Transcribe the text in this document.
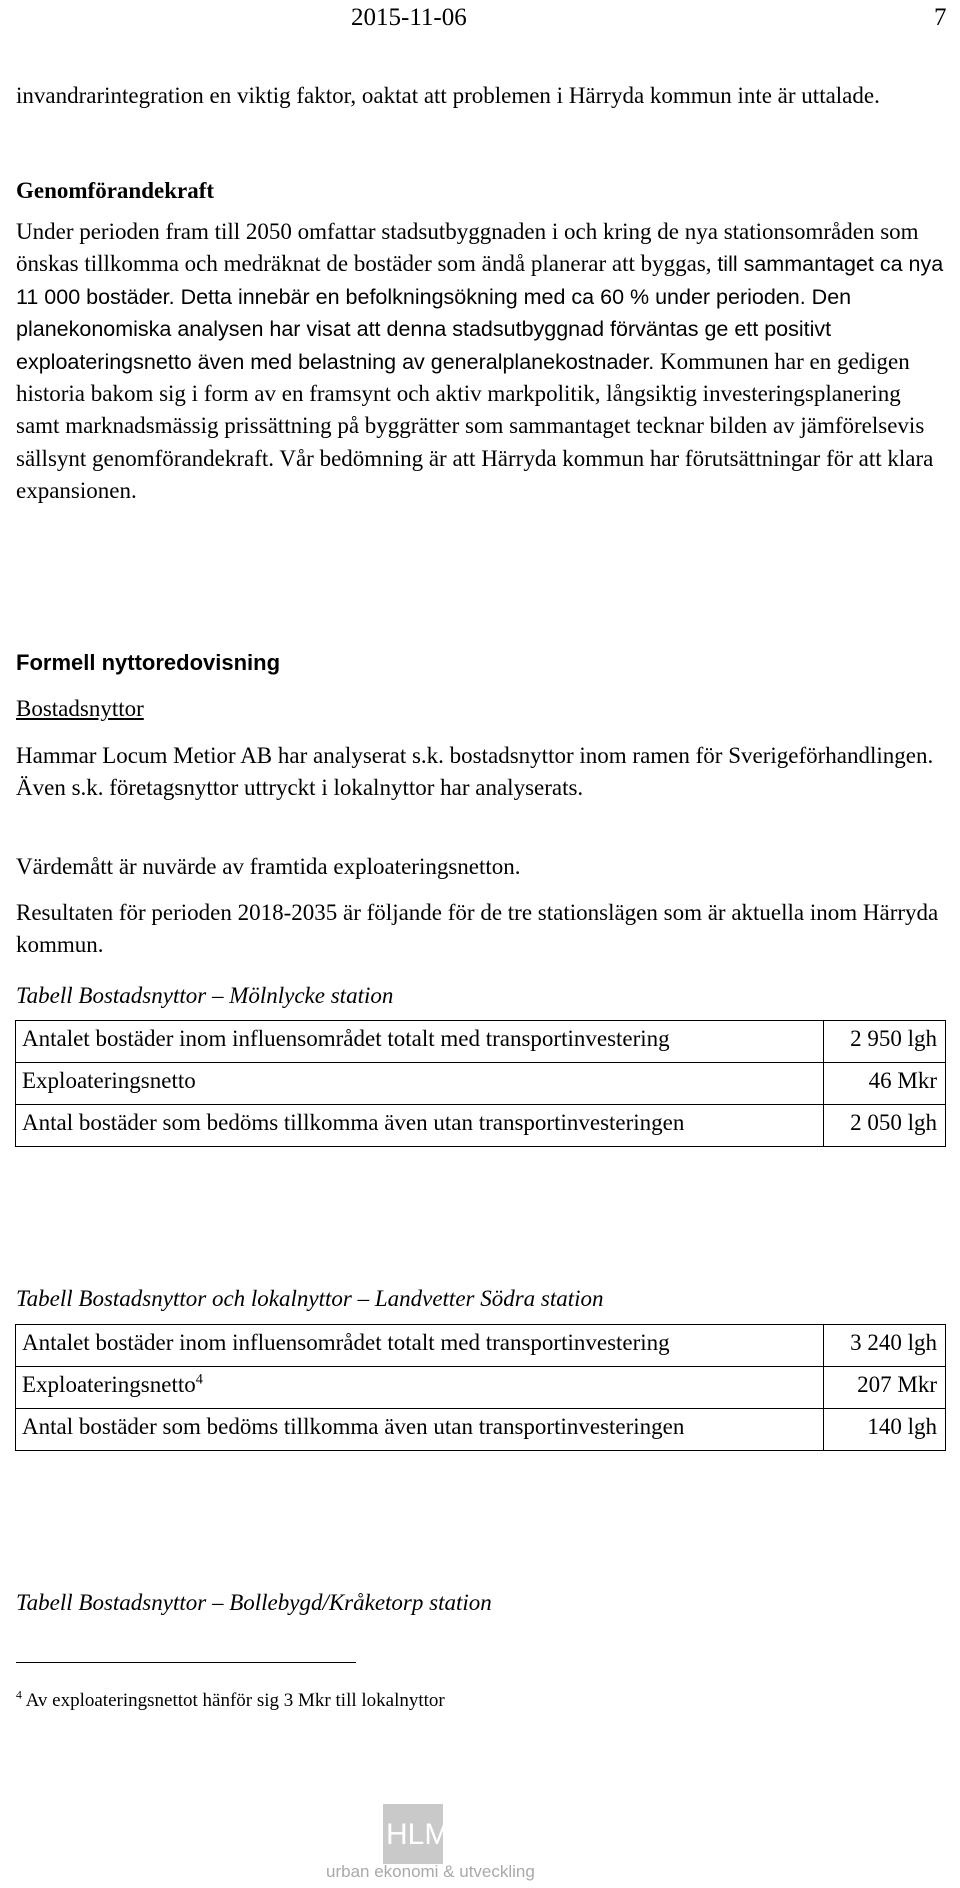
2015-11-06	7

invandrarintegration en viktig faktor, oaktat att problemen i Härryda kommun inte är uttalade.

Genomförandekraft

Under perioden fram till 2050 omfattar stadsutbyggnaden i och kring de nya stationsområden som önskas tillkomma och medräknat de bostäder som ändå planerar att byggas, till sammantaget ca nya 11 000 bostäder. Detta innebär en befolkningsökning med ca 60 % under perioden. Den planekonomiska analysen har visat att denna stadsutbyggnad förväntas ge ett positivt exploateringsnetto även med belastning av generalplanekostnader. Kommunen har en gedigen historia bakom sig i form av en framsynt och aktiv markpolitik, långsiktig investeringsplanering samt marknadsmässig prissättning på byggrätter som sammantaget tecknar bilden av jämförelsevis sällsynt genomförandekraft. Vår bedömning är att Härryda kommun har förutsättningar för att klara expansionen.

Formell nyttoredovisning
Bostadsnyttor

Hammar Locum Metior AB har analyserat s.k. bostadsnyttor inom ramen för Sverigeförhandlingen. Även s.k. företagsnyttor uttryckt i lokalnyttor har analyserats.

Värdemått är nuvärde av framtida exploateringsnetton.

Resultaten för perioden 2018-2035 är följande för de tre stationslägen som är aktuella inom Härryda kommun.

Tabell Bostadsnyttor – Mölnlycke station
Antalet bostäder inom influensområdet totalt med transportinvestering	2 950 lgh
Exploateringsnetto	46 Mkr
Antal bostäder som bedöms tillkomma även utan transportinvesteringen	2 050 lgh
Tabell Bostadsnyttor och lokalnyttor – Landvetter Södra station
Antalet bostäder inom influensområdet totalt med transportinvestering	3 240 lgh
Exploateringsnetto$^4$	207 Mkr
Antal bostäder som bedöms tillkomma även utan transportinvesteringen	140 lgh
Tabell Bostadsnyttor – Bollebygd/Kråketorp station
$^4$ Av exploateringsnettot hänför sig 3 Mkr till lokalnyttor
HLM
urban ekonomi & utveckling
